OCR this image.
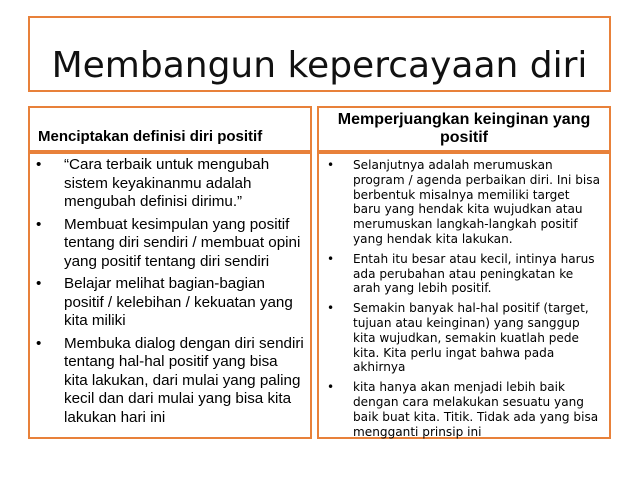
Membangun kepercayaan diri
Menciptakan definisi diri positif
Memperjuangkan keinginan yang positif
• “Cara terbaik untuk mengubah sistem keyakinanmu adalah mengubah definisi dirimu.”
• Membuat kesimpulan yang positif tentang diri sendiri / membuat opini yang positif tentang diri sendiri
• Belajar melihat bagian-bagian positif / kelebihan / kekuatan yang kita miliki
• Membuka dialog dengan diri sendiri tentang hal-hal positif yang bisa kita lakukan, dari mulai yang paling kecil dan dari mulai yang bisa kita lakukan hari ini
• Selanjutnya adalah merumuskan program / agenda perbaikan diri. Ini bisa berbentuk misalnya memiliki target baru yang hendak kita wujudkan atau merumuskan langkah-langkah positif yang hendak kita lakukan.
• Entah itu besar atau kecil, intinya harus ada perubahan atau peningkatan ke arah yang lebih positif.
• Semakin banyak hal-hal positif (target, tujuan atau keinginan) yang sanggup kita wujudkan, semakin kuatlah pede kita. Kita perlu ingat bahwa pada akhirnya
• kita hanya akan menjadi lebih baik dengan cara melakukan sesuatu yang baik buat kita. Titik. Tidak ada yang bisa mengganti prinsip ini
